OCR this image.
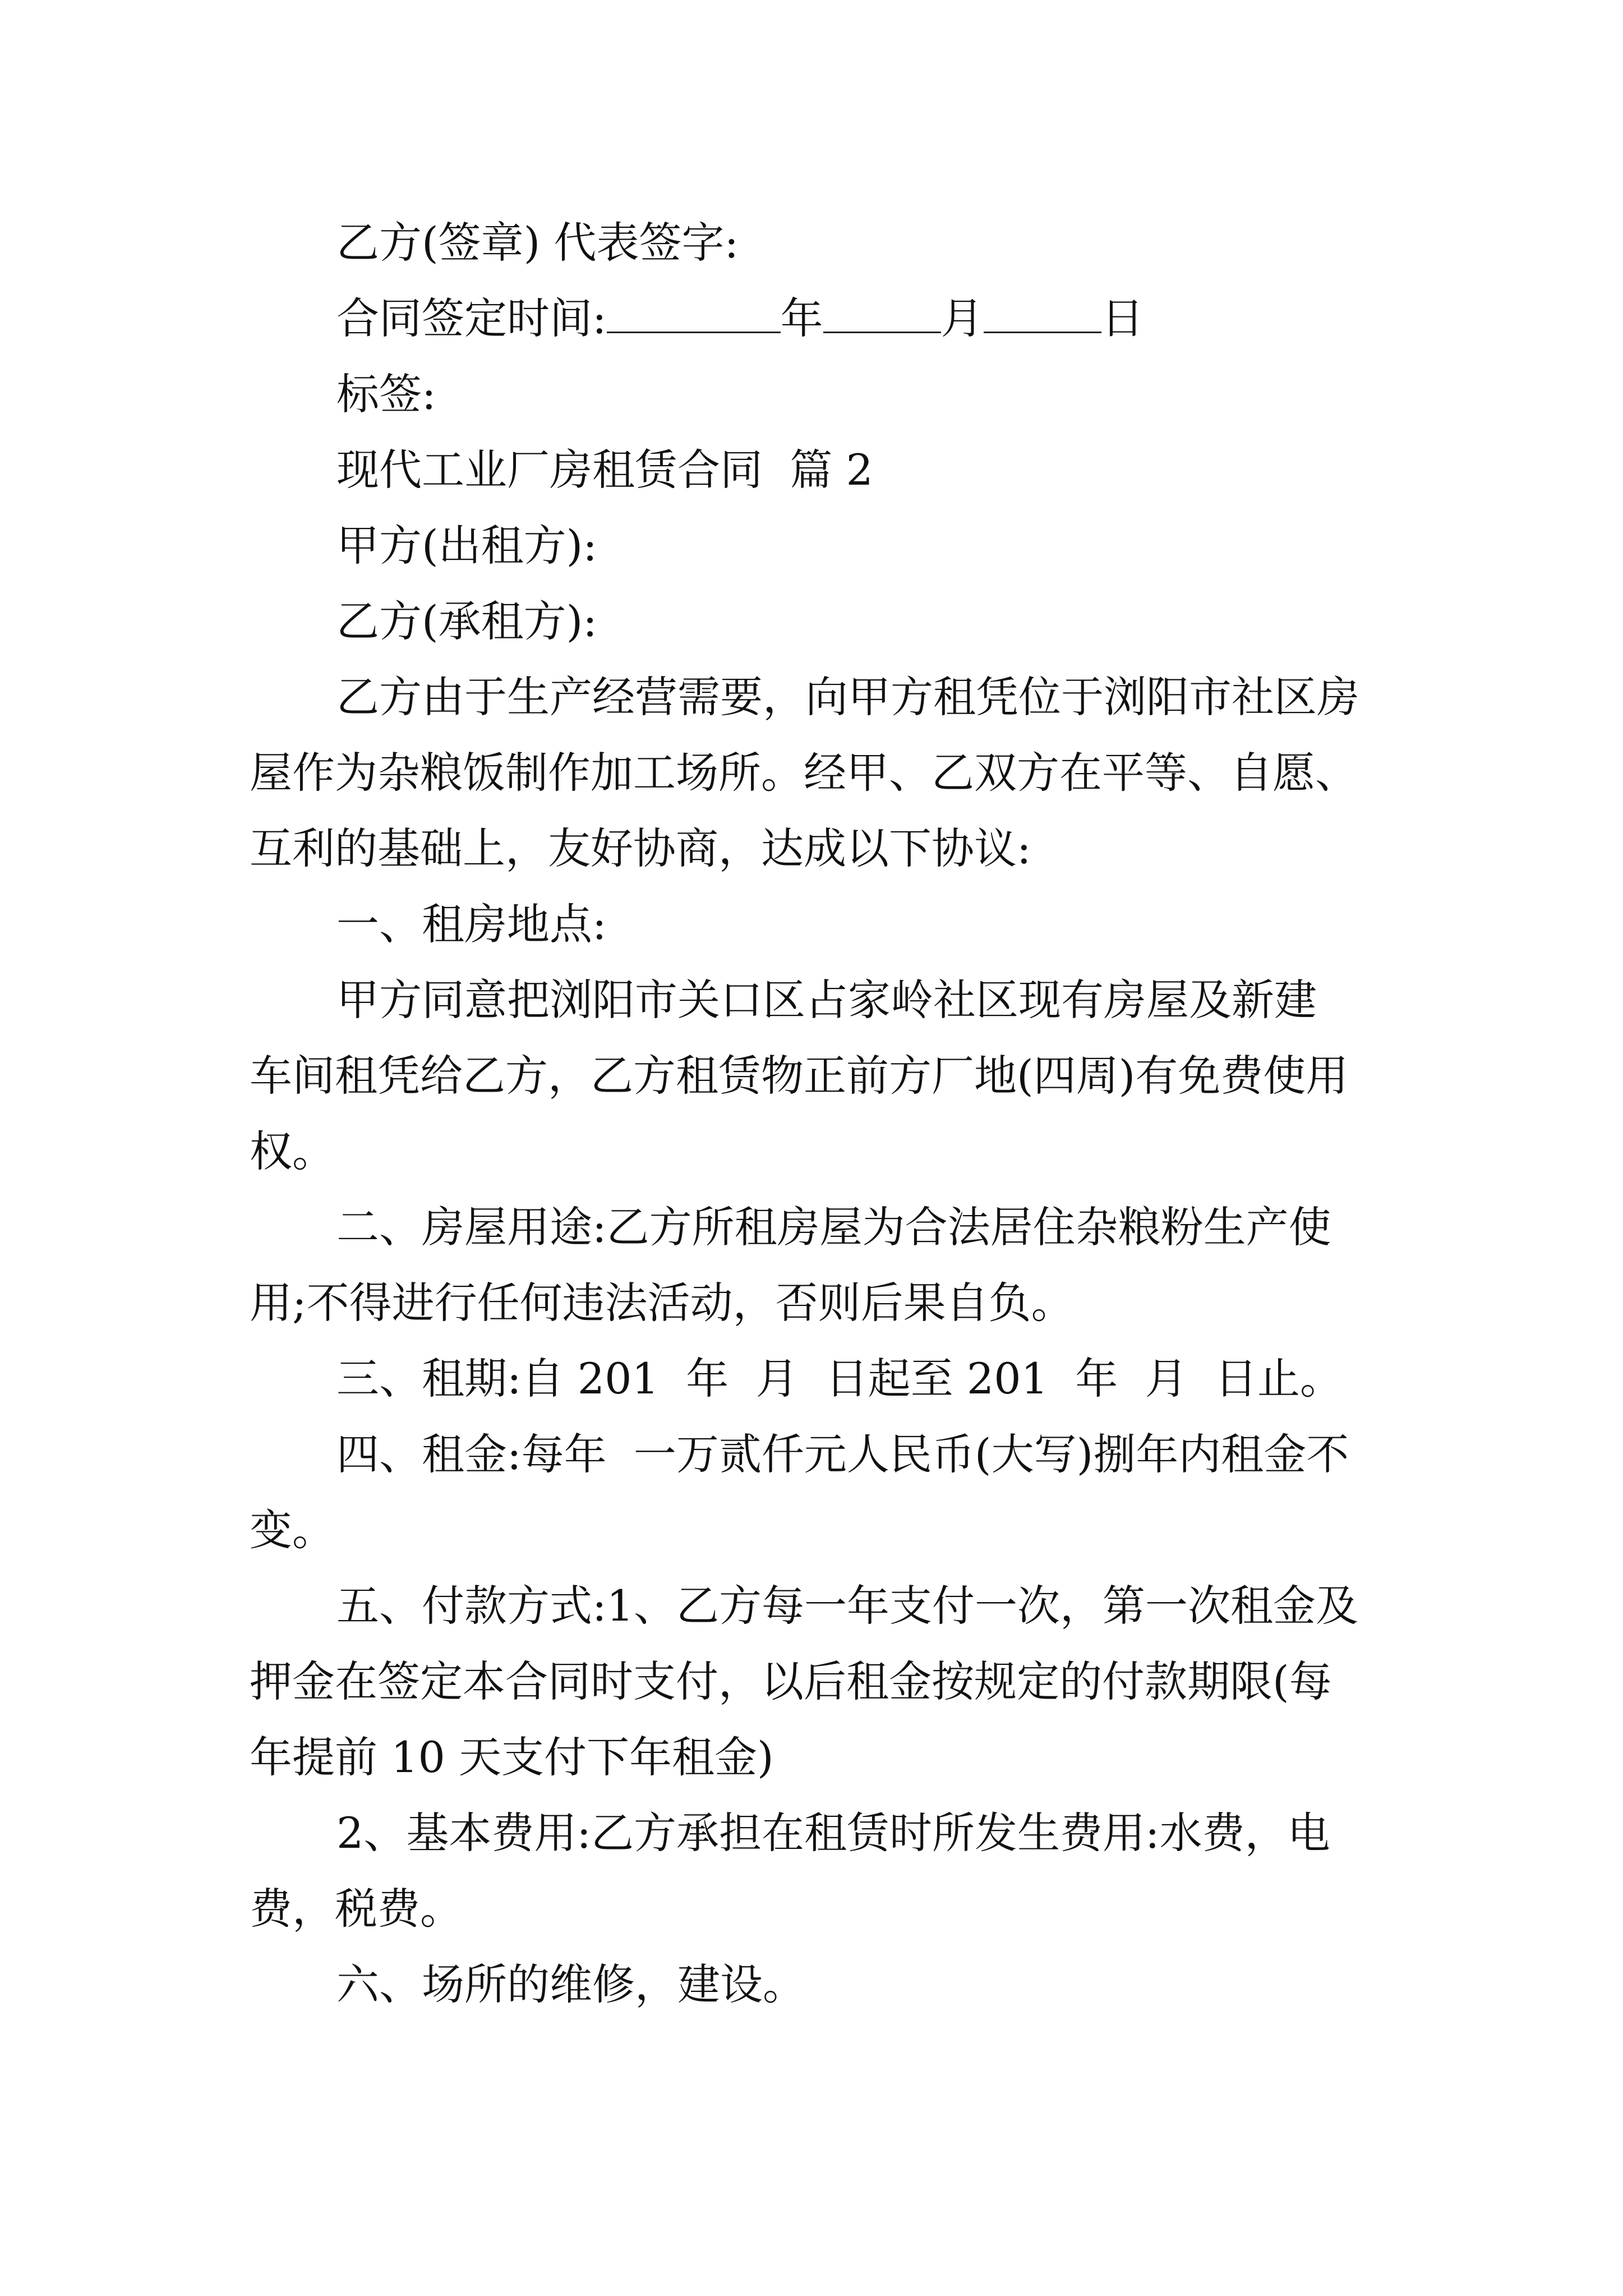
乙方(签章) 代表签字:
合同签定时间:	年	月	日
标签:
现代工业厂房租赁合同  篇 2
甲方(出租方):
乙方(承租方):
乙方由于生产经营需要，向甲方租凭位于浏阳市社区房
屋作为杂粮饭制作加工场所。经甲、乙双方在平等、自愿、
互利的基础上，友好协商，达成以下协议:
一、租房地点:
甲方同意把浏阳市关口区占家岭社区现有房屋及新建
车间租凭给乙方，乙方租赁物正前方厂地(四周)有免费使用
权。
二、房屋用途:乙方所租房屋为合法居住杂粮粉生产使
用;不得进行任何违法活动，否则后果自负。
三、租期:自 201  年  月  日起至 201  年  月  日止。
四、租金:每年  一万贰仟元人民币(大写)捌年内租金不
变。
五、付款方式:1、乙方每一年支付一次，第一次租金及
押金在签定本合同时支付，以后租金按规定的付款期限(每
年提前 10 天支付下年租金)
2、基本费用:乙方承担在租赁时所发生费用:水费，电
费，税费。
六、场所的维修，建设。
